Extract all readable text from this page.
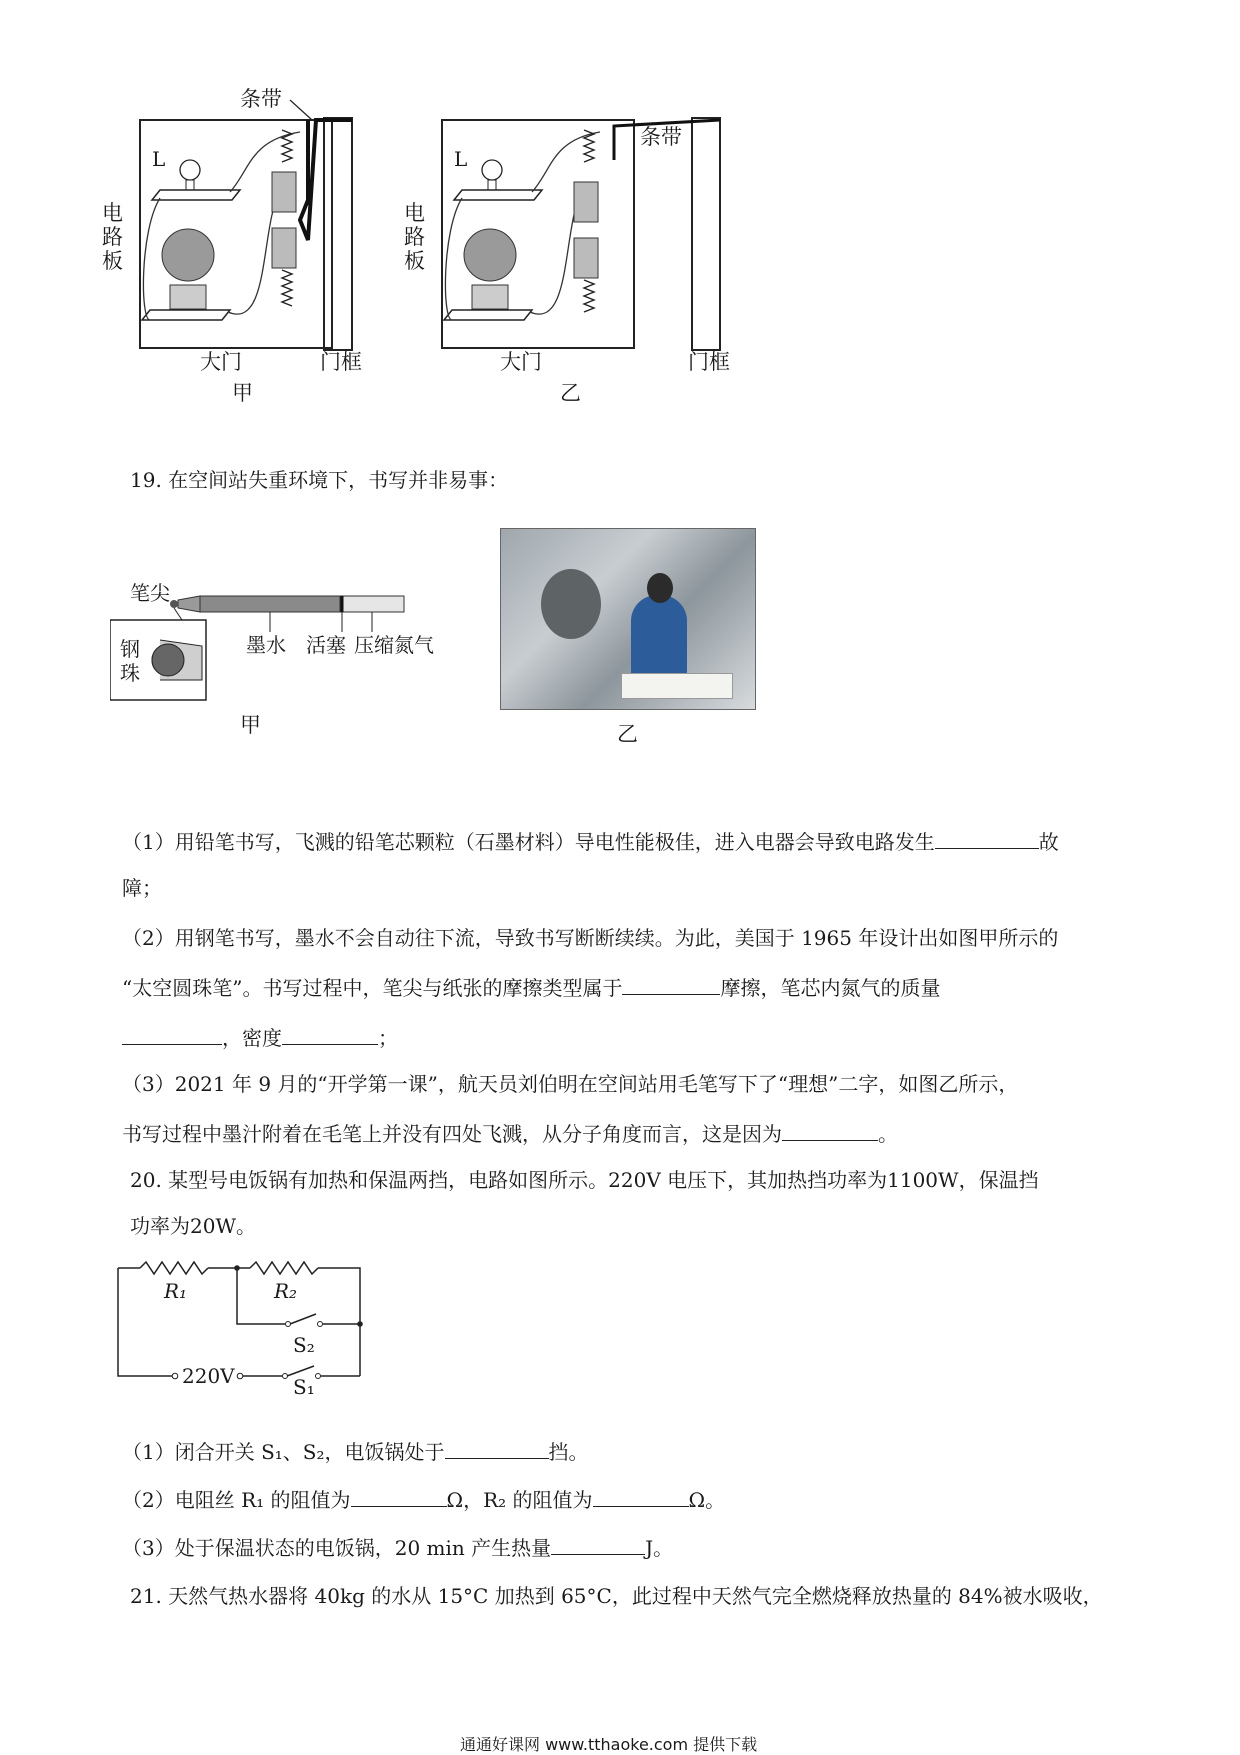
条带
条带
L	L
电路板
电路板
大门	门框	大门	门框
甲	乙
19. 在空间站失重环境下，书写并非易事：
笔尖
钢珠
墨水 活塞 压缩氮气
甲	乙
（1）用铅笔书写，飞溅的铅笔芯颗粒（石墨材料）导电性能极佳，进入电器会导致电路发生	故
障；
（2）用钢笔书写，墨水不会自动往下流，导致书写断断续续。为此，美国于 1965 年设计出如图甲所示的
“太空圆珠笔”。书写过程中，笔尖与纸张的摩擦类型属于	摩擦，笔芯内氮气的质量
，密度	；
（3）2021 年 9 月的“开学第一课”，航天员刘伯明在空间站用毛笔写下了“理想”二字，如图乙所示，
书写过程中墨汁附着在毛笔上并没有四处飞溅，从分子角度而言，这是因为	。
20. 某型号电饭锅有加热和保温两挡，电路如图所示。220V 电压下，其加热挡功率为1100W，保温挡
功率为20W。
R₁	R₂
S₂
220V	S₁
（1）闭合开关 S₁、S₂，电饭锅处于	挡。
（2）电阻丝 R₁ 的阻值为	Ω，R₂ 的阻值为	Ω。
（3）处于保温状态的电饭锅，20 min 产生热量	J。
21. 天然气热水器将 40kg 的水从 15°C 加热到 65°C，此过程中天然气完全燃烧释放热量的 84%被水吸收，
通通好课网 www.tthaoke.com 提供下载
